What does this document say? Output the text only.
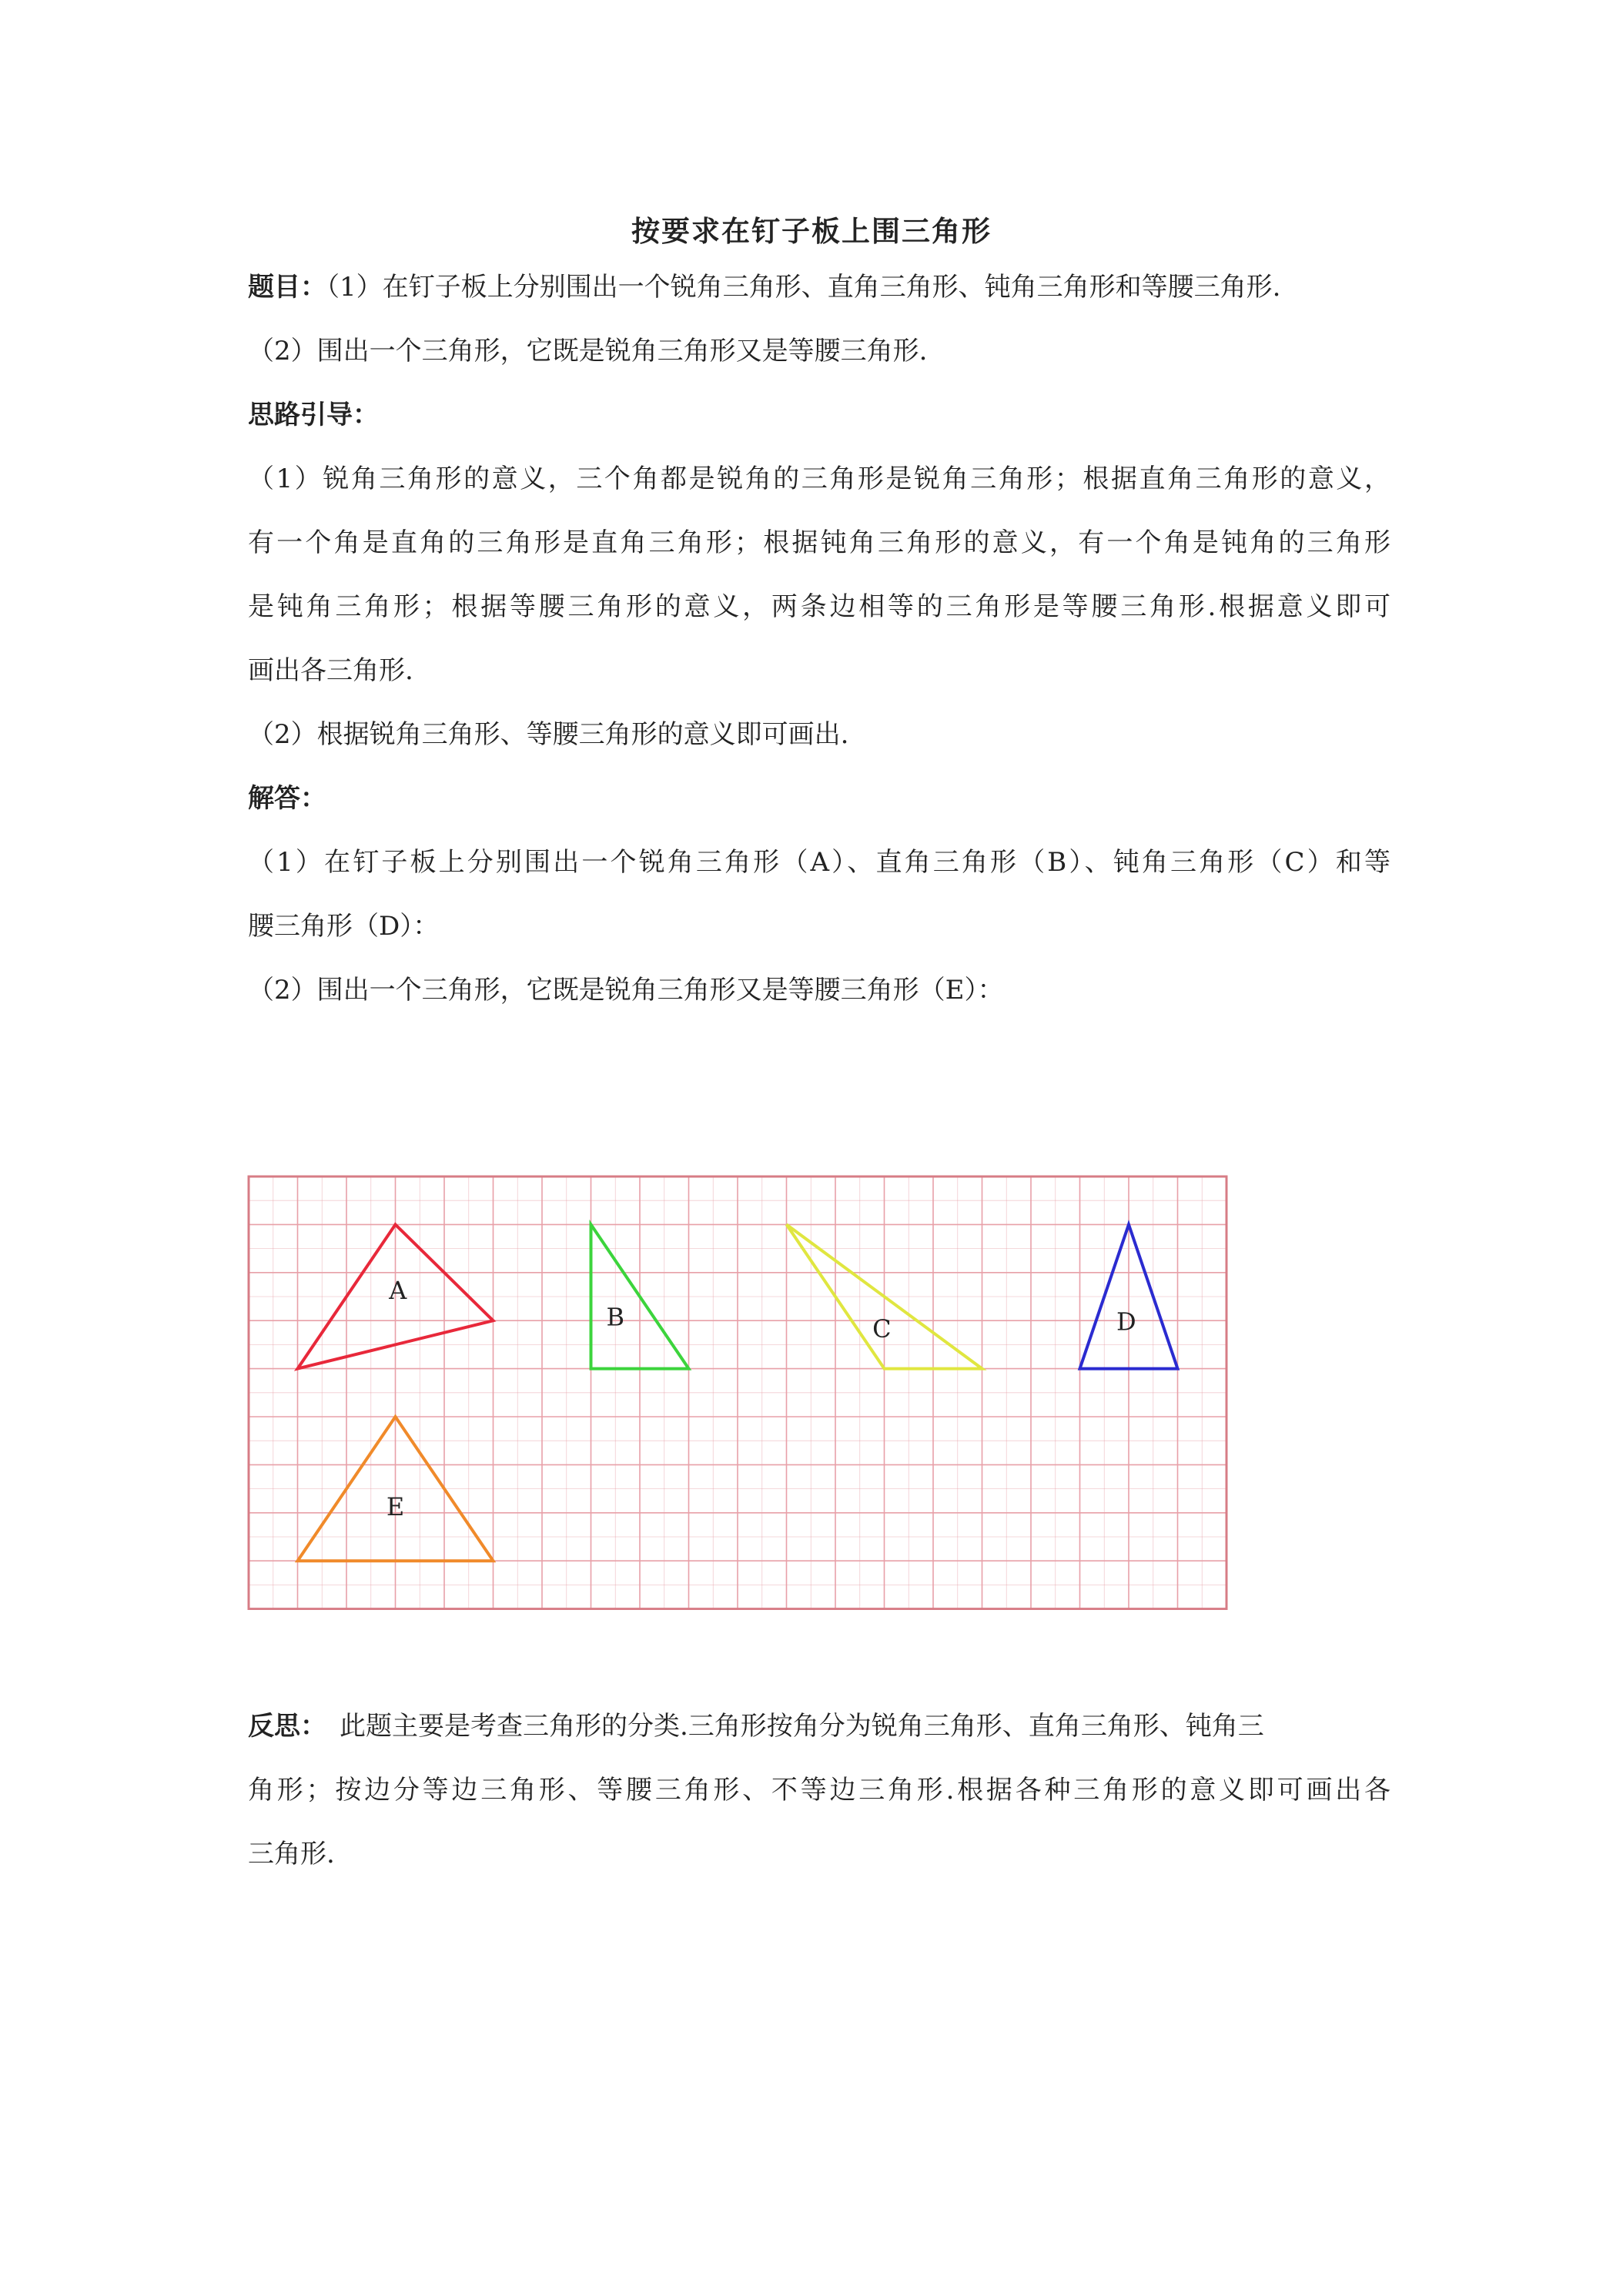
按要求在钉子板上围三角形

题目：（1）在钉子板上分别围出一个锐角三角形、直角三角形、钝角三角形和等腰三角形.

（2）围出一个三角形，它既是锐角三角形又是等腰三角形.

思路引导：

（1）锐角三角形的意义，三个角都是锐角的三角形是锐角三角形；根据直角三角形的意义，

有一个角是直角的三角形是直角三角形；根据钝角三角形的意义，有一个角是钝角的三角形

是钝角三角形；根据等腰三角形的意义，两条边相等的三角形是等腰三角形.根据意义即可

画出各三角形.

（2）根据锐角三角形、等腰三角形的意义即可画出.

解答：

（1）在钉子板上分别围出一个锐角三角形（A）、直角三角形（B）、钝角三角形（C）和等

腰三角形（D）：

（2）围出一个三角形，它既是锐角三角形又是等腰三角形（E）：

A
B	C	D
E

反思：　此题主要是考查三角形的分类.三角形按角分为锐角三角形、直角三角形、钝角三

角形；按边分等边三角形、等腰三角形、不等边三角形.根据各种三角形的意义即可画出各

三角形.
